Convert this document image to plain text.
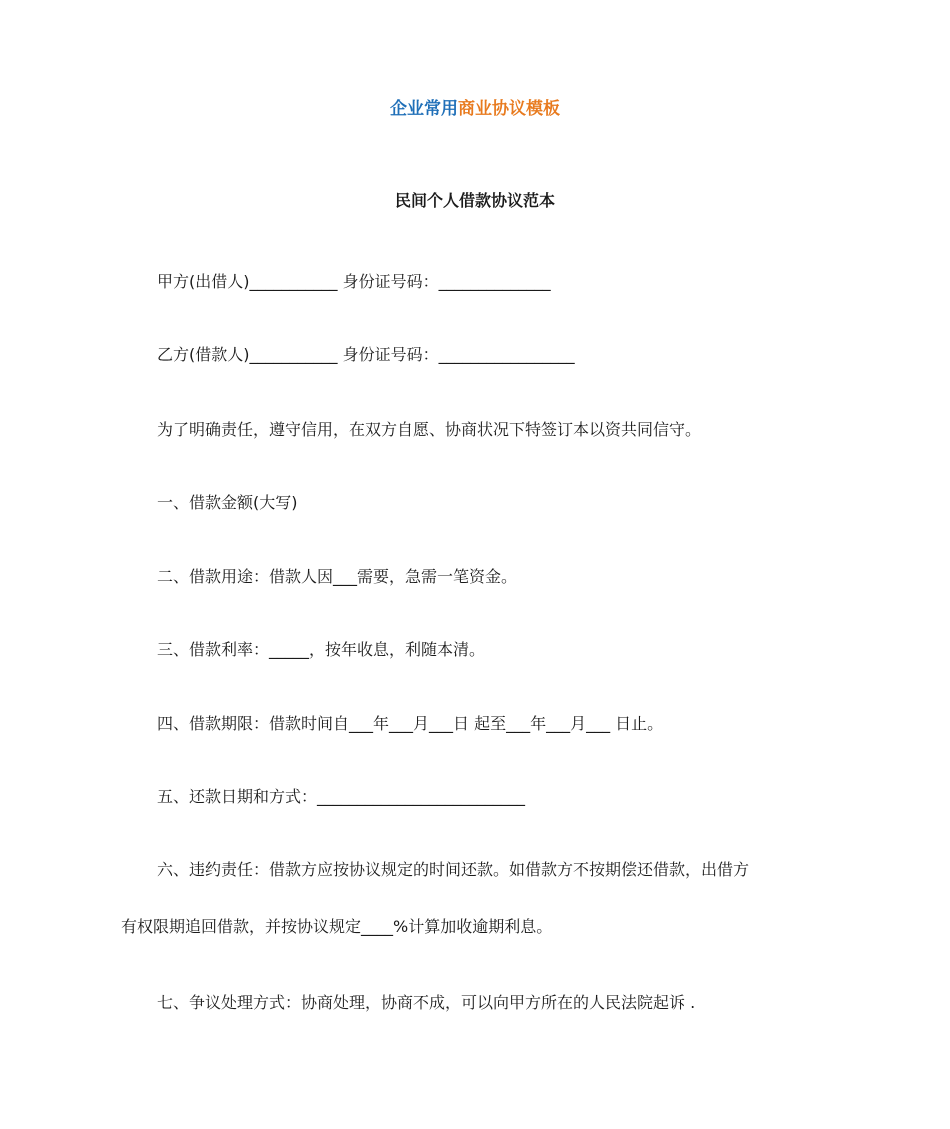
企业常用商业协议模板
民间个人借款协议范本
甲方(出借人)___________ 身份证号码：______________
乙方(借款人)___________ 身份证号码：_________________
为了明确责任，遵守信用，在双方自愿、协商状况下特签订本以资共同信守。
一、借款金额(大写)
二、借款用途：借款人因___需要，急需一笔资金。
三、借款利率：_____，按年收息，利随本清。
四、借款期限：借款时间自___年___月___日 起至___年___月___ 日止。
五、还款日期和方式：__________________________
六、违约责任：借款方应按协议规定的时间还款。如借款方不按期偿还借款，出借方
有权限期追回借款，并按协议规定____%计算加收逾期利息。
七、争议处理方式：协商处理，协商不成，可以向甲方所在的人民法院起诉 .
